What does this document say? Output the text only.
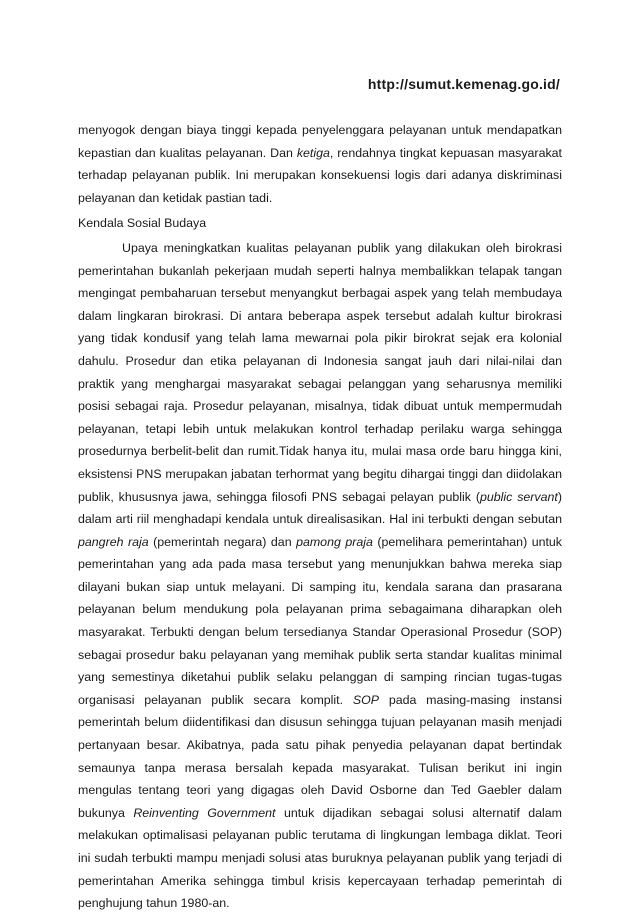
http://sumut.kemenag.go.id/

menyogok dengan biaya tinggi kepada penyelenggara pelayanan untuk mendapatkan kepastian dan kualitas pelayanan. Dan ketiga, rendahnya tingkat kepuasan masyarakat terhadap pelayanan publik. Ini merupakan konsekuensi logis dari adanya diskriminasi pelayanan dan ketidak pastian tadi.

Kendala Sosial Budaya

Upaya meningkatkan kualitas pelayanan publik yang dilakukan oleh birokrasi pemerintahan bukanlah pekerjaan mudah seperti halnya membalikkan telapak tangan mengingat pembaharuan tersebut menyangkut berbagai aspek yang telah membudaya dalam lingkaran birokrasi. Di antara beberapa aspek tersebut adalah kultur birokrasi yang tidak kondusif yang telah lama mewarnai pola pikir birokrat sejak era kolonial dahulu. Prosedur dan etika pelayanan di Indonesia sangat jauh dari nilai-nilai dan praktik yang menghargai masyarakat sebagai pelanggan yang seharusnya memiliki posisi sebagai raja. Prosedur pelayanan, misalnya, tidak dibuat untuk mempermudah pelayanan, tetapi lebih untuk melakukan kontrol terhadap perilaku warga sehingga prosedurnya berbelit-belit dan rumit.Tidak hanya itu, mulai masa orde baru hingga kini, eksistensi PNS merupakan jabatan terhormat yang begitu dihargai tinggi dan diidolakan publik, khususnya jawa, sehingga filosofi PNS sebagai pelayan publik (public servant) dalam arti riil menghadapi kendala untuk direalisasikan. Hal ini terbukti dengan sebutan pangreh raja (pemerintah negara) dan pamong praja (pemelihara pemerintahan) untuk pemerintahan yang ada pada masa tersebut yang menunjukkan bahwa mereka siap dilayani bukan siap untuk melayani. Di samping itu, kendala sarana dan prasarana pelayanan belum mendukung pola pelayanan prima sebagaimana diharapkan oleh masyarakat. Terbukti dengan belum tersedianya Standar Operasional Prosedur (SOP) sebagai prosedur baku pelayanan yang memihak publik serta standar kualitas minimal yang semestinya diketahui publik selaku pelanggan di samping rincian tugas-tugas organisasi pelayanan publik secara komplit. SOP pada masing-masing instansi pemerintah belum diidentifikasi dan disusun sehingga tujuan pelayanan masih menjadi pertanyaan besar. Akibatnya, pada satu pihak penyedia pelayanan dapat bertindak semaunya tanpa merasa bersalah kepada masyarakat. Tulisan berikut ini ingin mengulas tentang teori yang digagas oleh David Osborne dan Ted Gaebler dalam bukunya Reinventing Government untuk dijadikan sebagai solusi alternatif dalam melakukan optimalisasi pelayanan public terutama di lingkungan lembaga diklat. Teori ini sudah terbukti mampu menjadi solusi atas buruknya pelayanan publik yang terjadi di pemerintahan Amerika sehingga timbul krisis kepercayaan terhadap pemerintah di penghujung tahun 1980-an.
